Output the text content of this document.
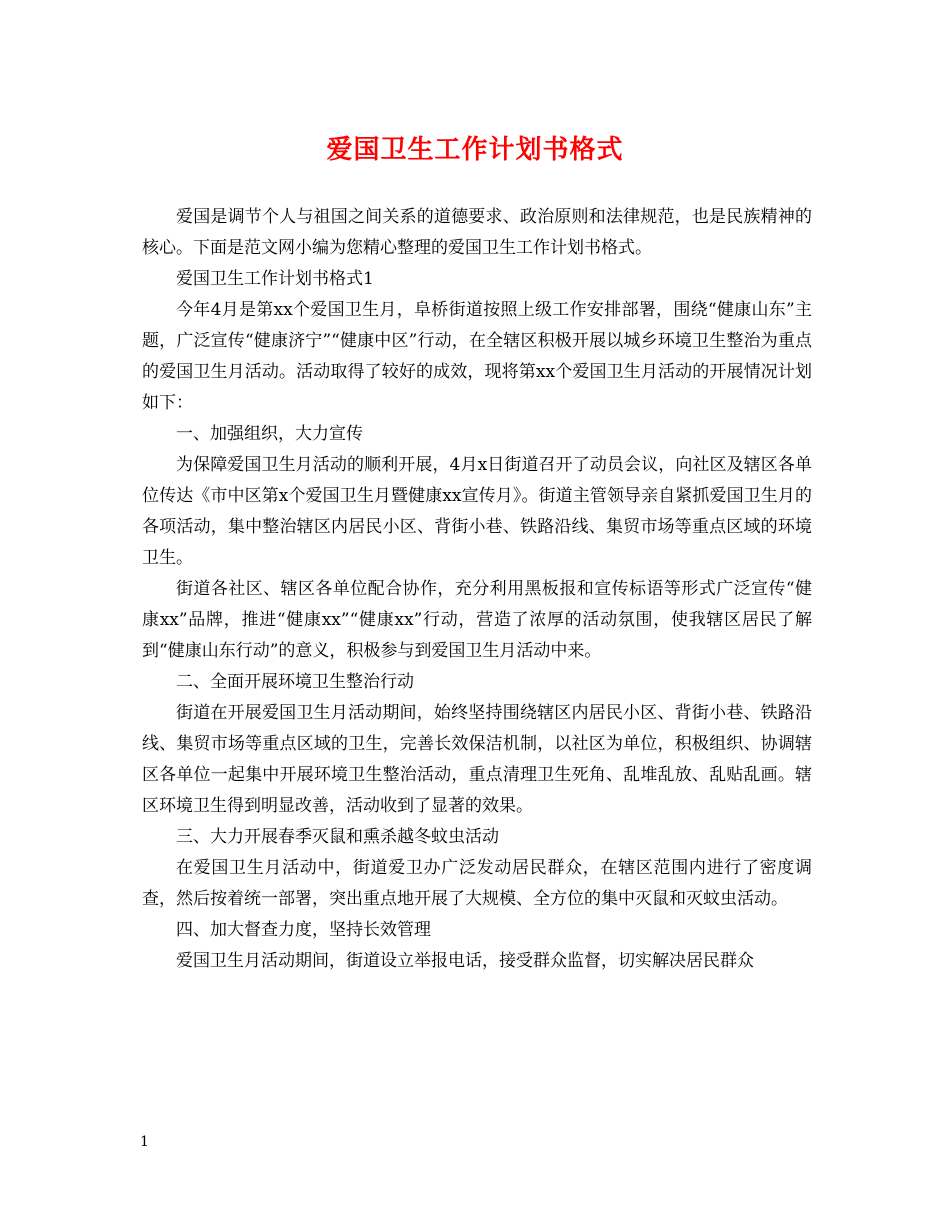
爱国卫生工作计划书格式

爱国是调节个人与祖国之间关系的道德要求、政治原则和法律规范，也是民族精神的核心。下面是范文网小编为您精心整理的爱国卫生工作计划书格式。

爱国卫生工作计划书格式1

今年4月是第xx个爱国卫生月，阜桥街道按照上级工作安排部署，围绕“健康山东”主题，广泛宣传“健康济宁”“健康中区”行动，在全辖区积极开展以城乡环境卫生整治为重点的爱国卫生月活动。活动取得了较好的成效，现将第xx个爱国卫生月活动的开展情况计划如下：

一、加强组织，大力宣传

为保障爱国卫生月活动的顺利开展，4月x日街道召开了动员会议，向社区及辖区各单位传达《市中区第x个爱国卫生月暨健康xx宣传月》。街道主管领导亲自紧抓爱国卫生月的各项活动，集中整治辖区内居民小区、背街小巷、铁路沿线、集贸市场等重点区域的环境卫生。

街道各社区、辖区各单位配合协作，充分利用黑板报和宣传标语等形式广泛宣传“健康xx”品牌，推进“健康xx”“健康xx”行动，营造了浓厚的活动氛围，使我辖区居民了解到“健康山东行动”的意义，积极参与到爱国卫生月活动中来。

二、全面开展环境卫生整治行动

街道在开展爱国卫生月活动期间，始终坚持围绕辖区内居民小区、背街小巷、铁路沿线、集贸市场等重点区域的卫生，完善长效保洁机制，以社区为单位，积极组织、协调辖区各单位一起集中开展环境卫生整治活动，重点清理卫生死角、乱堆乱放、乱贴乱画。辖区环境卫生得到明显改善，活动收到了显著的效果。

三、大力开展春季灭鼠和熏杀越冬蚊虫活动

在爱国卫生月活动中，街道爱卫办广泛发动居民群众，在辖区范围内进行了密度调查，然后按着统一部署，突出重点地开展了大规模、全方位的集中灭鼠和灭蚊虫活动。

四、加大督查力度，坚持长效管理

爱国卫生月活动期间，街道设立举报电话，接受群众监督，切实解决居民群众

1
